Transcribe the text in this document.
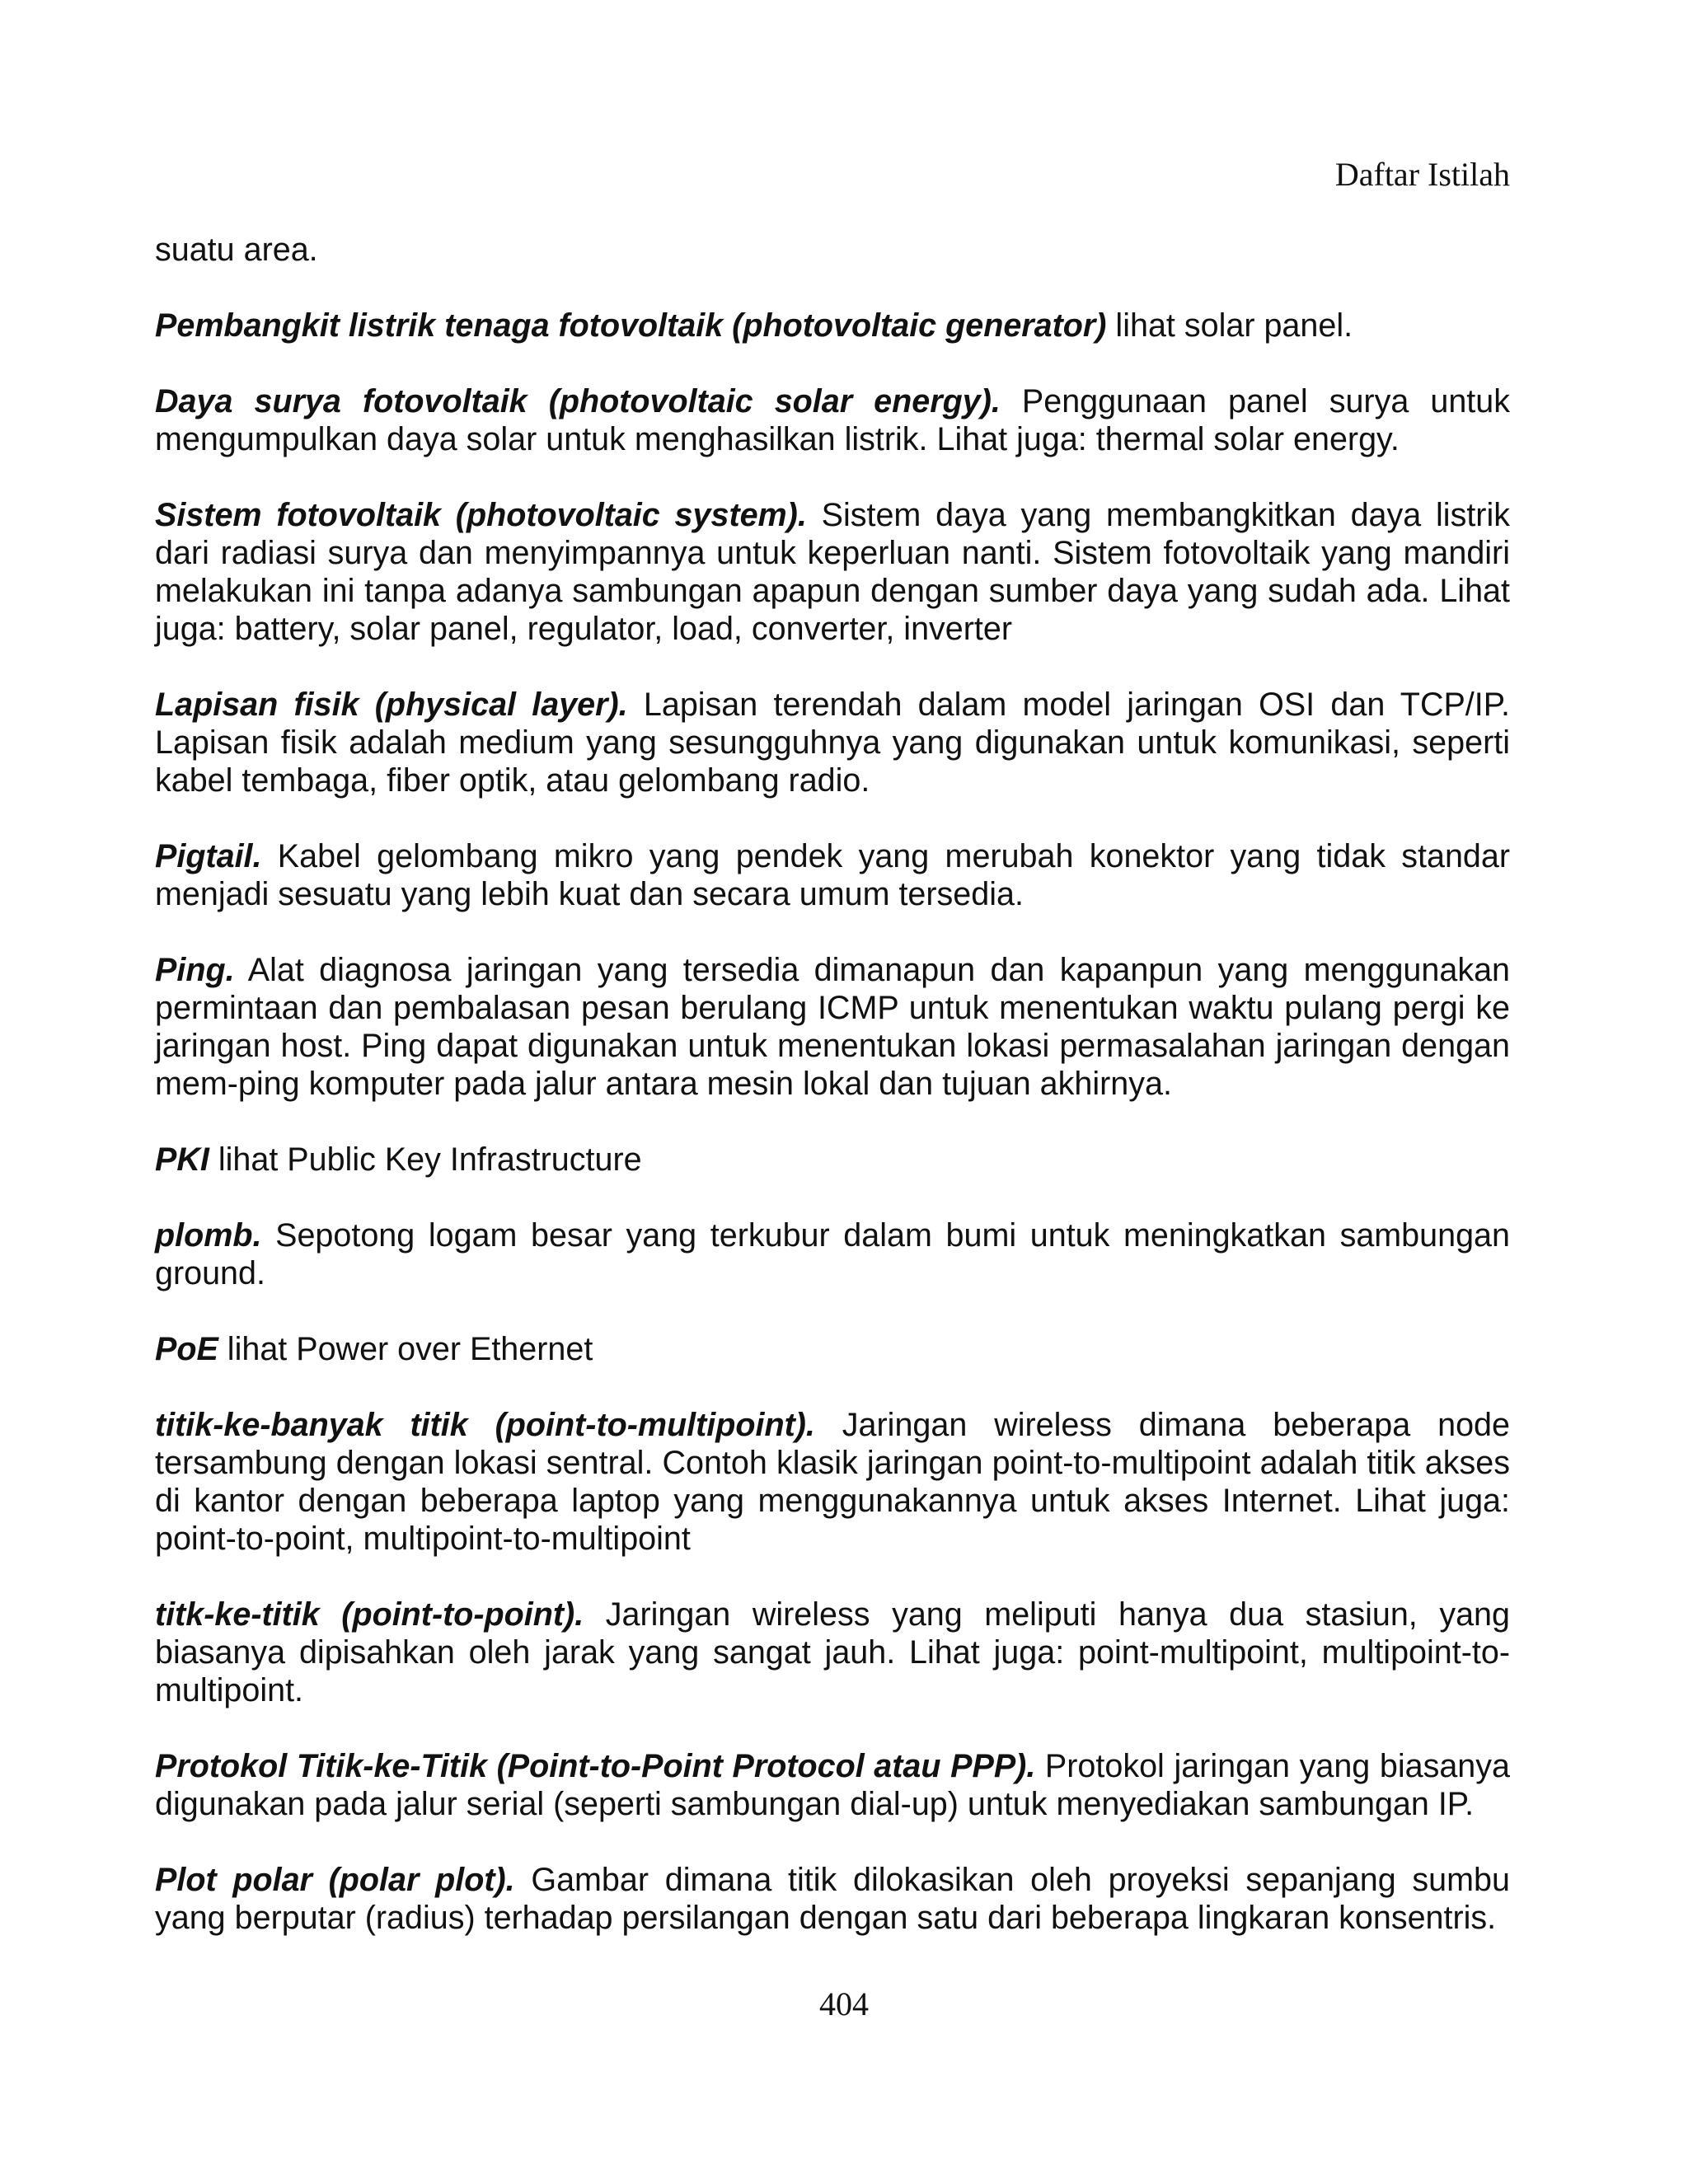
Daftar Istilah

suatu area.

Pembangkit listrik tenaga fotovoltaik (photovoltaic generator) lihat solar panel.

Daya surya fotovoltaik (photovoltaic solar energy). Penggunaan panel surya untuk mengumpulkan daya solar untuk menghasilkan listrik. Lihat juga: thermal solar energy.

Sistem fotovoltaik (photovoltaic system). Sistem daya yang membangkitkan daya listrik dari radiasi surya dan menyimpannya untuk keperluan nanti. Sistem fotovoltaik yang mandiri melakukan ini tanpa adanya sambungan apapun dengan sumber daya yang sudah ada. Lihat juga: battery, solar panel, regulator, load, converter, inverter

Lapisan fisik (physical layer). Lapisan terendah dalam model jaringan OSI dan TCP/IP. Lapisan fisik adalah medium yang sesungguhnya yang digunakan untuk komunikasi, seperti kabel tembaga, fiber optik, atau gelombang radio.

Pigtail. Kabel gelombang mikro yang pendek yang merubah konektor yang tidak standar menjadi sesuatu yang lebih kuat dan secara umum tersedia.

Ping. Alat diagnosa jaringan yang tersedia dimanapun dan kapanpun yang menggunakan permintaan dan pembalasan pesan berulang ICMP untuk menentukan waktu pulang pergi ke jaringan host. Ping dapat digunakan untuk menentukan lokasi permasalahan jaringan dengan mem-ping komputer pada jalur antara mesin lokal dan tujuan akhirnya.

PKI lihat Public Key Infrastructure

plomb. Sepotong logam besar yang terkubur dalam bumi untuk meningkatkan sambungan ground.

PoE lihat Power over Ethernet

titik-ke-banyak titik (point-to-multipoint). Jaringan wireless dimana beberapa node tersambung dengan lokasi sentral. Contoh klasik jaringan point-to-multipoint adalah titik akses di kantor dengan beberapa laptop yang menggunakannya untuk akses Internet. Lihat juga: point-to-point, multipoint-to-multipoint

titk-ke-titik (point-to-point). Jaringan wireless yang meliputi hanya dua stasiun, yang biasanya dipisahkan oleh jarak yang sangat jauh. Lihat juga: point-multipoint, multipoint-to-multipoint.

Protokol Titik-ke-Titik (Point-to-Point Protocol atau PPP). Protokol jaringan yang biasanya digunakan pada jalur serial (seperti sambungan dial-up) untuk menyediakan sambungan IP.

Plot polar (polar plot). Gambar dimana titik dilokasikan oleh proyeksi sepanjang sumbu yang berputar (radius) terhadap persilangan dengan satu dari beberapa lingkaran konsentris.

404
